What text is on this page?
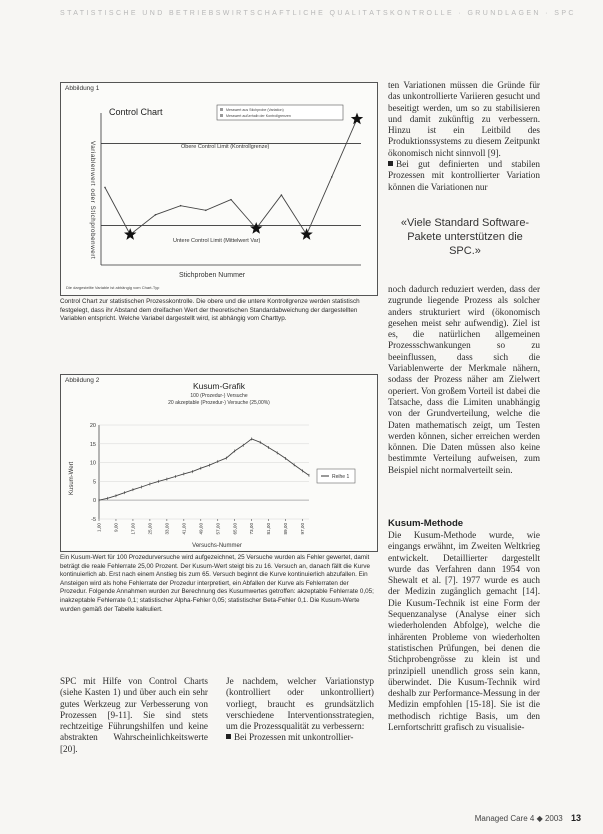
STATISTISCHE UND BETRIEBSWIRTSCHAFTLICHE QUALITÄTSKONTROLLE · GRUNDLAGEN · SPC
Abbildung 1
Control Chart	Messwert aus Stichprobe (Variation)
Messwert außerhalb der Kontrollgrenzen
Obere Control Limit (Kontrollgrenze)
Untere Control Limit (Mittelwert Var)
Variablenwert oder Stichprobenwert
Stichproben Nummer
Die dargestellte Variable ist abhängig vom Chart-Typ
Control Chart zur statistischen Prozesskontrolle. Die obere und die untere Kontrollgrenze werden statistisch festgelegt, dass ihr Abstand dem dreifachen Wert der theoretischen Standardabweichung der dargestellten Variablen entspricht. Welche Variabel dargestellt wird, ist abhängig vom Charttyp.
Abbildung 2
Kusum-Grafik
100 (Prozedur-) Versuche
20 akzeptable (Prozedur-) Versuche (25,00%)
-5
0
5
10
15
20
1,00	9,00	17,00	25,00	33,00	41,00	49,00	57,00	65,00	73,00	81,00	89,00	97,00
Kusum-Wert
Versuchs-Nummer
Reihe 1
Ein Kusum-Wert für 100 Prozedurversuche wird aufgezeichnet, 25 Versuche wurden als Fehler gewertet, damit beträgt die reale Fehlerrate 25,00 Prozent. Der Kusum-Wert steigt bis zu 16. Versuch an, danach fällt die Kurve kontinuierlich ab. Erst nach einem Anstieg bis zum 65. Versuch beginnt die Kurve kontinuierlich abzufallen. Ein Ansteigen wird als hohe Fehlerrate der Prozedur interpretiert, ein Abfallen der Kurve als Fehlerraten der Prozedur. Folgende Annahmen wurden zur Berechnung des Kusumwertes getroffen: akzeptable Fehlerrate 0,05; inakzeptable Fehlerrate 0,1; statistischer Alpha-Fehler 0,05; statistischer Beta-Fehler 0,1. Die Kusum-Werte wurden gemäß der Tabelle kalkuliert.

ten Variationen müssen die Gründe für das unkontrollierte Variieren gesucht und beseitigt werden, um so zu stabilisieren und damit zukünftig zu verbessern. Hinzu ist ein Leitbild des Produktionssystems zu diesem Zeitpunkt ökonomisch nicht sinnvoll [9].

Bei gut definierten und stabilen Prozessen mit kontrollierter Variation können die Variationen nur

«Viele Standard Software-Pakete unterstützen die SPC.»
noch dadurch reduziert werden, dass der zugrunde liegende Prozess als solcher anders strukturiert wird (ökonomisch gesehen meist sehr aufwendig). Ziel ist es, die natürlichen allgemeinen Prozessschwankungen so zu beeinflussen, dass sich die Variablenwerte der Merkmale nähern, sodass der Prozess näher am Zielwert operiert. Von großem Vorteil ist dabei die Tatsache, dass die Limiten unabhängig von der Grundverteilung, welche die Daten mathematisch zeigt, um Testen werden können, sicher erreichen werden können. Die Daten müssen also keine bestimmte Verteilung aufweisen, zum Beispiel nicht normalverteilt sein.
Kusum-Methode
Die Kusum-Methode wurde, wie eingangs erwähnt, im Zweiten Weltkrieg entwickelt. Detaillierter dargestellt wurde das Verfahren dann 1954 von Shewalt et al. [7]. 1977 wurde es auch der Medizin zugänglich gemacht [14]. Die Kusum-Technik ist eine Form der Sequenzanalyse (Analyse einer sich wiederholenden Abfolge), welche die inhärenten Probleme von wiederholten statistischen Prüfungen, bei denen die Stichprobengrösse zu klein ist und prinzipiell unendlich gross sein kann, überwindet. Die Kusum-Technik wird deshalb zur Performance-Messung in der Medizin empfohlen [15-18]. Sie ist die methodisch richtige Basis, um den Lernfortschritt grafisch zu visualisie-
SPC mit Hilfe von Control Charts (siehe Kasten 1) und über auch ein sehr gutes Werkzeug zur Verbesserung von Prozessen [9-11]. Sie sind stets rechtzeitige Führungshilfen und keine abstrakten Wahrscheinlichkeitswerte [20].

Je nachdem, welcher Variationstyp (kontrolliert oder unkontrolliert) vorliegt, braucht es grundsätzlich verschiedene Interventionsstrategien, um die Prozessqualität zu verbessern:

Bei Prozessen mit unkontrollier-

Managed Care 4 ◆ 2003 13
